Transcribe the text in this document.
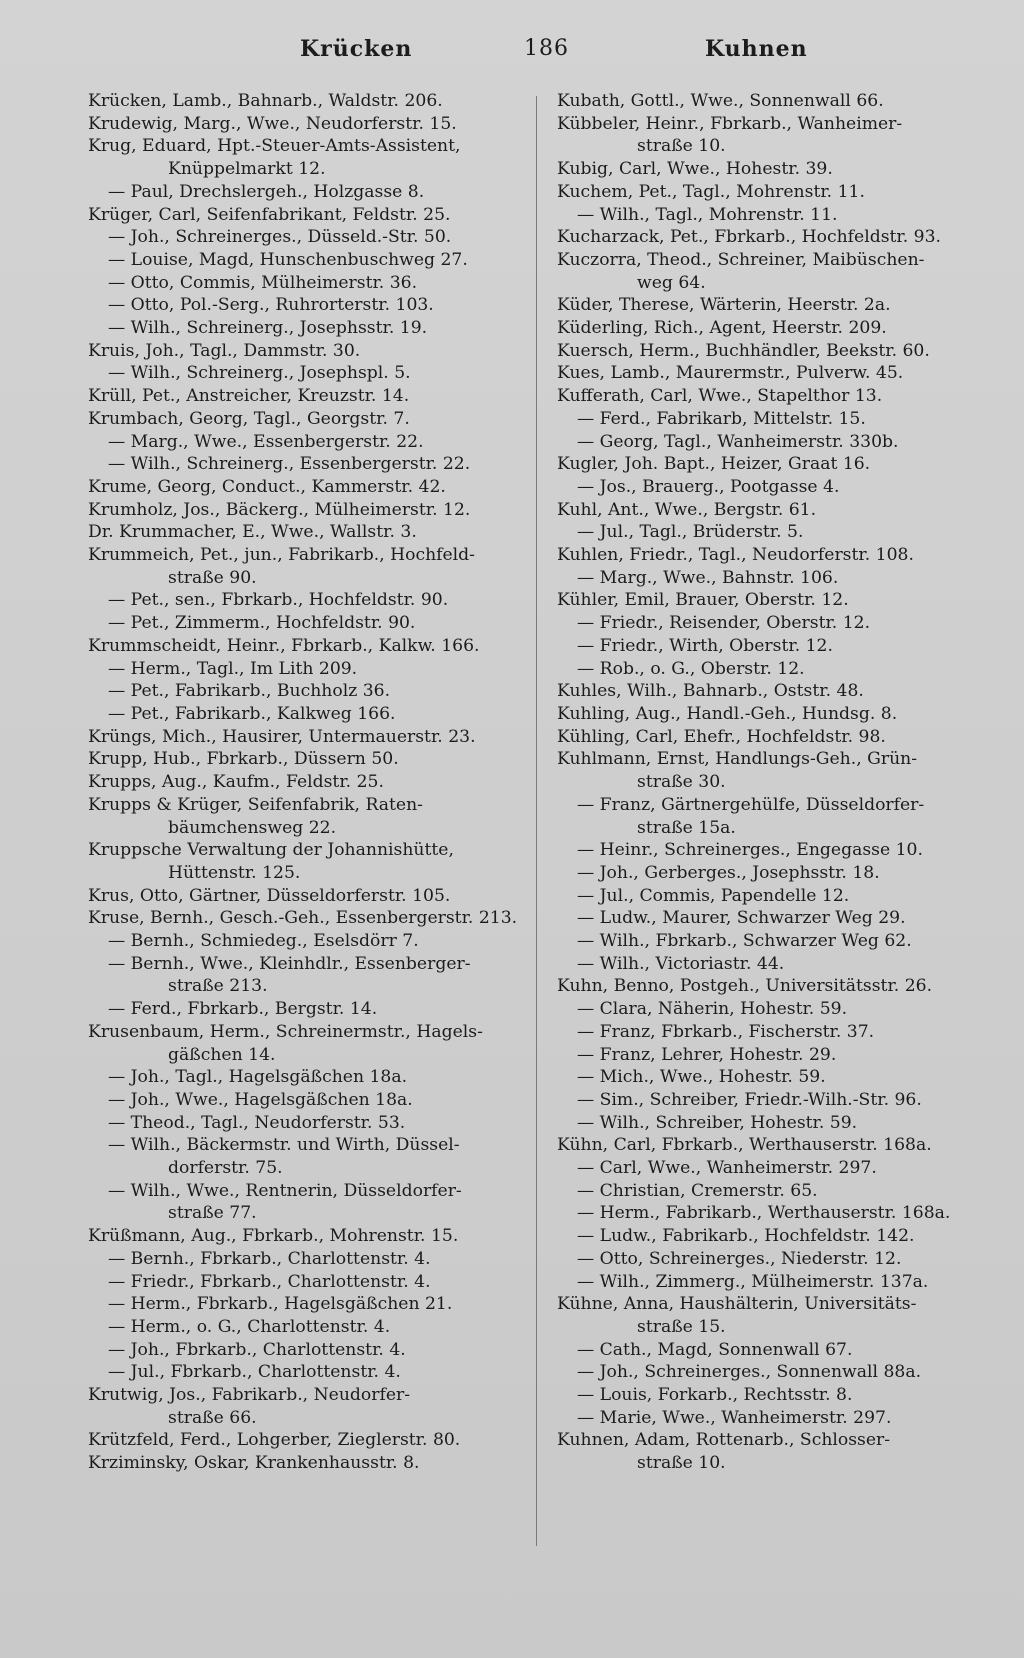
Krücken	186	Kuhnen
Krücken, Lamb., Bahnarb., Waldstr. 206.
Krudewig, Marg., Wwe., Neudorferstr. 15.
Krug, Eduard, Hpt.-Steuer-Amts-Assistent,
Knüppelmarkt 12.
— Paul, Drechslergeh., Holzgasse 8.
Krüger, Carl, Seifenfabrikant, Feldstr. 25.
— Joh., Schreinerges., Düsseld.-Str. 50.
— Louise, Magd, Hunschenbuschweg 27.
— Otto, Commis, Mülheimerstr. 36.
— Otto, Pol.-Serg., Ruhrorterstr. 103.
— Wilh., Schreinerg., Josephsstr. 19.
Kruis, Joh., Tagl., Dammstr. 30.
— Wilh., Schreinerg., Josephspl. 5.
Krüll, Pet., Anstreicher, Kreuzstr. 14.
Krumbach, Georg, Tagl., Georgstr. 7.
— Marg., Wwe., Essenbergerstr. 22.
— Wilh., Schreinerg., Essenbergerstr. 22.
Krume, Georg, Conduct., Kammerstr. 42.
Krumholz, Jos., Bäckerg., Mülheimerstr. 12.
Dr. Krummacher, E., Wwe., Wallstr. 3.
Krummeich, Pet., jun., Fabrikarb., Hochfeld-
straße 90.
— Pet., sen., Fbrkarb., Hochfeldstr. 90.
— Pet., Zimmerm., Hochfeldstr. 90.
Krummscheidt, Heinr., Fbrkarb., Kalkw. 166.
— Herm., Tagl., Im Lith 209.
— Pet., Fabrikarb., Buchholz 36.
— Pet., Fabrikarb., Kalkweg 166.
Krüngs, Mich., Hausirer, Untermauerstr. 23.
Krupp, Hub., Fbrkarb., Düssern 50.
Krupps, Aug., Kaufm., Feldstr. 25.
Krupps & Krüger, Seifenfabrik, Raten-
bäumchensweg 22.
Kruppsche Verwaltung der Johannishütte,
Hüttenstr. 125.
Krus, Otto, Gärtner, Düsseldorferstr. 105.
Kruse, Bernh., Gesch.-Geh., Essenbergerstr. 213.
— Bernh., Schmiedeg., Eselsdörr 7.
— Bernh., Wwe., Kleinhdlr., Essenberger-
straße 213.
— Ferd., Fbrkarb., Bergstr. 14.
Krusenbaum, Herm., Schreinermstr., Hagels-
gäßchen 14.
— Joh., Tagl., Hagelsgäßchen 18a.
— Joh., Wwe., Hagelsgäßchen 18a.
— Theod., Tagl., Neudorferstr. 53.
— Wilh., Bäckermstr. und Wirth, Düssel-
dorferstr. 75.
— Wilh., Wwe., Rentnerin, Düsseldorfer-
straße 77.
Krüßmann, Aug., Fbrkarb., Mohrenstr. 15.
— Bernh., Fbrkarb., Charlottenstr. 4.
— Friedr., Fbrkarb., Charlottenstr. 4.
— Herm., Fbrkarb., Hagelsgäßchen 21.
— Herm., o. G., Charlottenstr. 4.
— Joh., Fbrkarb., Charlottenstr. 4.
— Jul., Fbrkarb., Charlottenstr. 4.
Krutwig, Jos., Fabrikarb., Neudorfer-
straße 66.
Krützfeld, Ferd., Lohgerber, Zieglerstr. 80.
Krziminsky, Oskar, Krankenhausstr. 8.
Kubath, Gottl., Wwe., Sonnenwall 66.
Kübbeler, Heinr., Fbrkarb., Wanheimer-
straße 10.
Kubig, Carl, Wwe., Hohestr. 39.
Kuchem, Pet., Tagl., Mohrenstr. 11.
— Wilh., Tagl., Mohrenstr. 11.
Kucharzack, Pet., Fbrkarb., Hochfeldstr. 93.
Kuczorra, Theod., Schreiner, Maibüschen-
weg 64.
Küder, Therese, Wärterin, Heerstr. 2a.
Küderling, Rich., Agent, Heerstr. 209.
Kuersch, Herm., Buchhändler, Beekstr. 60.
Kues, Lamb., Maurermstr., Pulverw. 45.
Kufferath, Carl, Wwe., Stapelthor 13.
— Ferd., Fabrikarb, Mittelstr. 15.
— Georg, Tagl., Wanheimerstr. 330b.
Kugler, Joh. Bapt., Heizer, Graat 16.
— Jos., Brauerg., Pootgasse 4.
Kuhl, Ant., Wwe., Bergstr. 61.
— Jul., Tagl., Brüderstr. 5.
Kuhlen, Friedr., Tagl., Neudorferstr. 108.
— Marg., Wwe., Bahnstr. 106.
Kühler, Emil, Brauer, Oberstr. 12.
— Friedr., Reisender, Oberstr. 12.
— Friedr., Wirth, Oberstr. 12.
— Rob., o. G., Oberstr. 12.
Kuhles, Wilh., Bahnarb., Oststr. 48.
Kuhling, Aug., Handl.-Geh., Hundsg. 8.
Kühling, Carl, Ehefr., Hochfeldstr. 98.
Kuhlmann, Ernst, Handlungs-Geh., Grün-
straße 30.
— Franz, Gärtnergehülfe, Düsseldorfer-
straße 15a.
— Heinr., Schreinerges., Engegasse 10.
— Joh., Gerberges., Josephsstr. 18.
— Jul., Commis, Papendelle 12.
— Ludw., Maurer, Schwarzer Weg 29.
— Wilh., Fbrkarb., Schwarzer Weg 62.
— Wilh., Victoriastr. 44.
Kuhn, Benno, Postgeh., Universitätsstr. 26.
— Clara, Näherin, Hohestr. 59.
— Franz, Fbrkarb., Fischerstr. 37.
— Franz, Lehrer, Hohestr. 29.
— Mich., Wwe., Hohestr. 59.
— Sim., Schreiber, Friedr.-Wilh.-Str. 96.
— Wilh., Schreiber, Hohestr. 59.
Kühn, Carl, Fbrkarb., Werthauserstr. 168a.
— Carl, Wwe., Wanheimerstr. 297.
— Christian, Cremerstr. 65.
— Herm., Fabrikarb., Werthauserstr. 168a.
— Ludw., Fabrikarb., Hochfeldstr. 142.
— Otto, Schreinerges., Niederstr. 12.
— Wilh., Zimmerg., Mülheimerstr. 137a.
Kühne, Anna, Haushälterin, Universitäts-
straße 15.
— Cath., Magd, Sonnenwall 67.
— Joh., Schreinerges., Sonnenwall 88a.
— Louis, Forkarb., Rechtsstr. 8.
— Marie, Wwe., Wanheimerstr. 297.
Kuhnen, Adam, Rottenarb., Schlosser-
straße 10.
